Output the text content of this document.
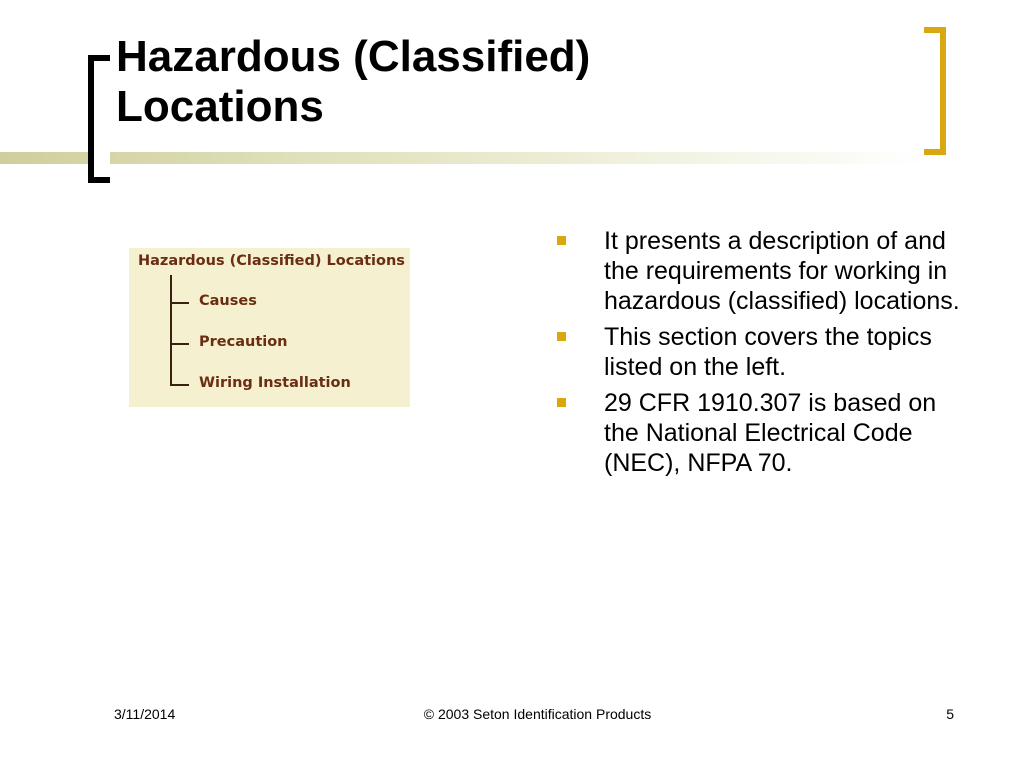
Hazardous (Classified)
Locations
Hazardous (Classified) Locations
Causes
Precaution
Wiring Installation
It presents a description of and the requirements for working in hazardous (classified) locations.
This section covers the topics listed on the left.
29 CFR 1910.307 is based on the National Electrical Code (NEC), NFPA 70.
3/11/2014	© 2003 Seton Identification Products	5
